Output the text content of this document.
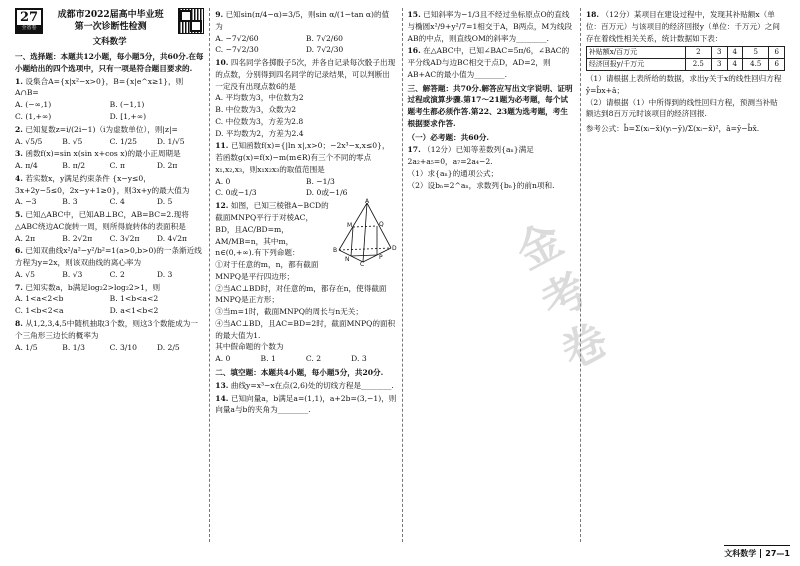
27
全省卷
成都市2022届高中毕业班
第一次诊断性检测
文科数学
一、选择题：本题共12小题，每小题5分，共60分.在每小题给出的四个选项中，只有一项是符合题目要求的.
1. 设集合A={x|x²−x>0}，B={x|e^x≥1}，则A∩B=
A. (−∞,1)	B. (−1,1)
C. (1,+∞)	D. [1,+∞)
2. 已知复数z=i/(2i−1)（i为虚数单位），则|z|=
A. √5/5	B. √5	C. 1/25	D. 1/√5
3. 函数f(x)=sin x(sin x+cos x)的最小正周期是
A. π/4	B. π/2	C. π	D. 2π
4. 若实数x，y满足约束条件 {x−y≤0，3x+2y−5≤0，2x−y+1≥0}，则3x+y的最大值为
A. −3	B. 3	C. 4	D. 5
5. 已知△ABC中，已知AB⊥BC，AB=BC=2.现将△ABC绕边AC旋转一周，则所得旋转体的表面积是
A. 2π	B. 2√2π	C. 3√2π	D. 4√2π
6. 已知双曲线x²/a²−y²/b²=1(a>0,b>0)的一条渐近线方程为y=2x，则该双曲线的离心率为
A. √5	B. √3	C. 2	D. 3
7. 已知实数a，b满足log₂2>log₂2>1，则
A. 1<a<2<b	B. 1<b<a<2
C. 1<b<2<a	D. a<1<b<2
8. 从1,2,3,4,5中随机抽取3个数，则这3个数能成为一个三角形三边长的概率为
A. 1/5	B. 1/3	C. 3/10	D. 2/5
9. 已知sin(π/4−α)=3/5，则sin α/(1−tan α)的值为
A. −7√2/60	B. 7√2/60
C. −7√2/30	D. 7√2/30
10. 四名同学各掷骰子5次，并各自记录每次骰子出现的点数，分别得到四名同学的记录结果，可以判断出一定没有出现点数6的是
A. 平均数为3，中位数为2
B. 中位数为3，众数为2
C. 中位数为3，方差为2.8
D. 平均数为2，方差为2.4
11. 已知函数f(x)={|ln x|,x>0；−2x³−x,x≤0}，若函数g(x)=f(x)−m(m∈R)有三个不同的零点x₁,x₂,x₃，则x₁x₂x₃的取值范围是
A. 0	B. −1/3
C. 0或−1/3	D. 0或−1/6
A
B
C
D
M	Q
N	P
12. 如图，已知三棱锥A−BCD的截面MNPQ平行于对棱AC，BD，且AC/BD=m，AM/MB=n，其中m，n∈(0,+∞).有下列命题：
①对于任意的m，n，都有截面MNPQ是平行四边形；
②当AC⊥BD时，对任意的m，都存在n，使得截面MNPQ是正方形；
③当m=1时，截面MNPQ的周长与n无关；
④当AC⊥BD，且AC=BD=2时，截面MNPQ的面积的最大值为1.
其中假命题的个数为
A. 0	B. 1	C. 2	D. 3
二、填空题：本题共4小题，每小题5分，共20分.
13. 曲线y=x³−x在点(2,6)处的切线方程是________.
14. 已知向量a，b满足a=(1,1)，a+2b=(3,−1)，则向量a与b的夹角为________.
15. 已知斜率为−1/3且不经过坐标原点O的直线与椭圆x²/9+y²/7=1相交于A，B两点，M为线段AB的中点，则直线OM的斜率为________.
16. 在△ABC中，已知∠BAC=5π/6，∠BAC的平分线AD与边BC相交于点D，AD=2，则AB+AC的最小值为________.
三、解答题：共70分.解答应写出文字说明、证明过程或演算步骤.第17～21题为必考题，每个试题考生都必须作答.第22、23题为选考题，考生根据要求作答.
（一）必考题：共60分.
17. （12分）已知等差数列{aₙ}满足2a₂+a₅=0，a₇=2a₄−2.
（1）求{aₙ}的通项公式；
（2）设bₙ=2^aₙ，求数列{bₙ}的前n项和.
金
考
卷
18. （12分）某项目在建设过程中，发现其补贴额x（单位：百万元）与该项目的经济回报y（单位：千万元）之间存在着线性相关关系，统计数据如下表：
补贴额x/百万元	2	3	4	5	6
经济回报y/千万元	2.5	3	4	4.5	6
（1）请根据上表所给的数据，求出y关于x的线性回归方程ŷ=b̂x+â；
（2）请根据（1）中所得到的线性回归方程，预测当补贴额达到8百万元时该项目的经济回报.
参考公式：b̂=Σ(xᵢ−x̄)(yᵢ−ȳ)/Σ(xᵢ−x̄)²，â=ȳ−b̂x̄.
文科数学 27—1
